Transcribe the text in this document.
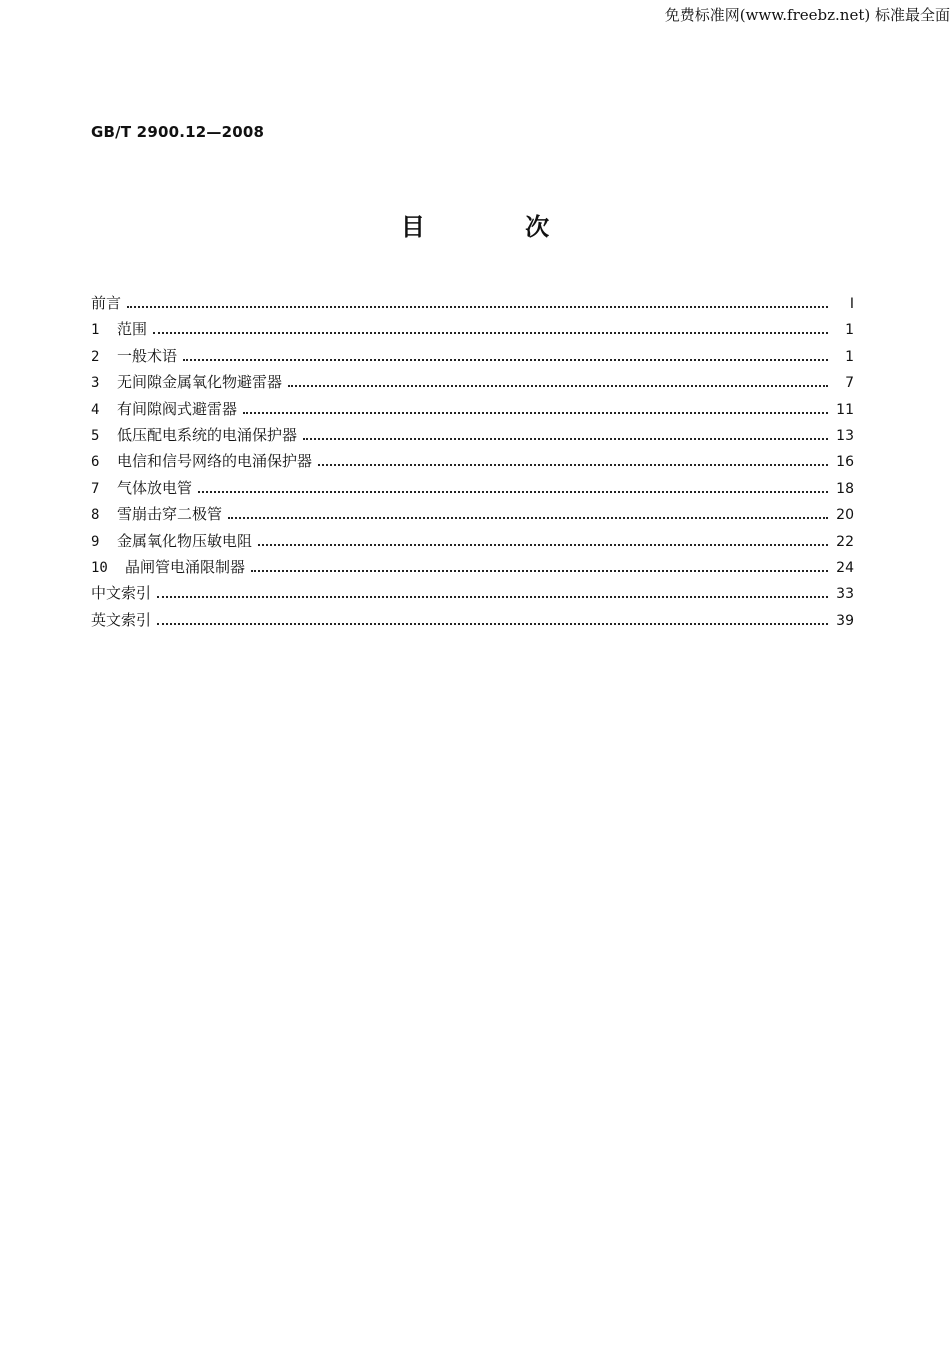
免费标准网(www.freebz.net) 标准最全面
GB/T 2900.12—2008
目 次
前言	I
1	范围	1
2	一般术语	1
3	无间隙金属氧化物避雷器	7
4	有间隙阀式避雷器	11
5	低压配电系统的电涌保护器	13
6	电信和信号网络的电涌保护器	16
7	气体放电管	18
8	雪崩击穿二极管	20
9	金属氧化物压敏电阻	22
10	晶闸管电涌限制器	24
中文索引	33
英文索引	39
